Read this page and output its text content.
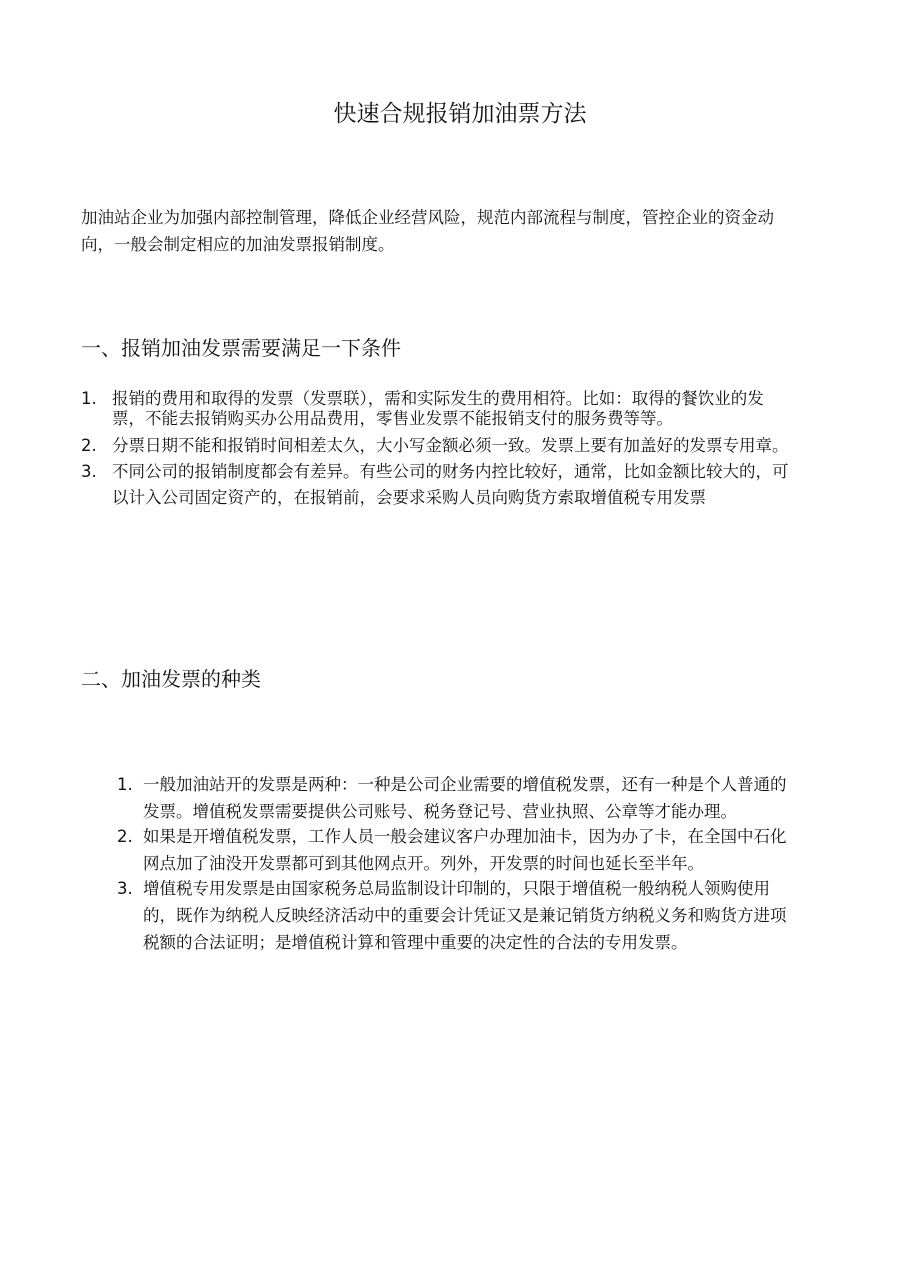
快速合规报销加油票方法

加油站企业为加强内部控制管理，降低企业经营风险，规范内部流程与制度，管控企业的资金动向，一般会制定相应的加油发票报销制度。

一、报销加油发票需要满足一下条件
1. 报销的费用和取得的发票（发票联），需和实际发生的费用相符。比如：取得的餐饮业的发票，不能去报销购买办公用品费用，零售业发票不能报销支付的服务费等等。
2. 分票日期不能和报销时间相差太久，大小写金额必须一致。发票上要有加盖好的发票专用章。
3. 不同公司的报销制度都会有差异。有些公司的财务内控比较好，通常，比如金额比较大的，可以计入公司固定资产的，在报销前，会要求采购人员向购货方索取增值税专用发票
二、加油发票的种类
1. 一般加油站开的发票是两种：一种是公司企业需要的增值税发票，还有一种是个人普通的发票。增值税发票需要提供公司账号、税务登记号、营业执照、公章等才能办理。
2. 如果是开增值税发票，工作人员一般会建议客户办理加油卡，因为办了卡，在全国中石化网点加了油没开发票都可到其他网点开。列外，开发票的时间也延长至半年。
3. 增值税专用发票是由国家税务总局监制设计印制的，只限于增值税一般纳税人领购使用的，既作为纳税人反映经济活动中的重要会计凭证又是兼记销货方纳税义务和购货方进项税额的合法证明；是增值税计算和管理中重要的决定性的合法的专用发票。
